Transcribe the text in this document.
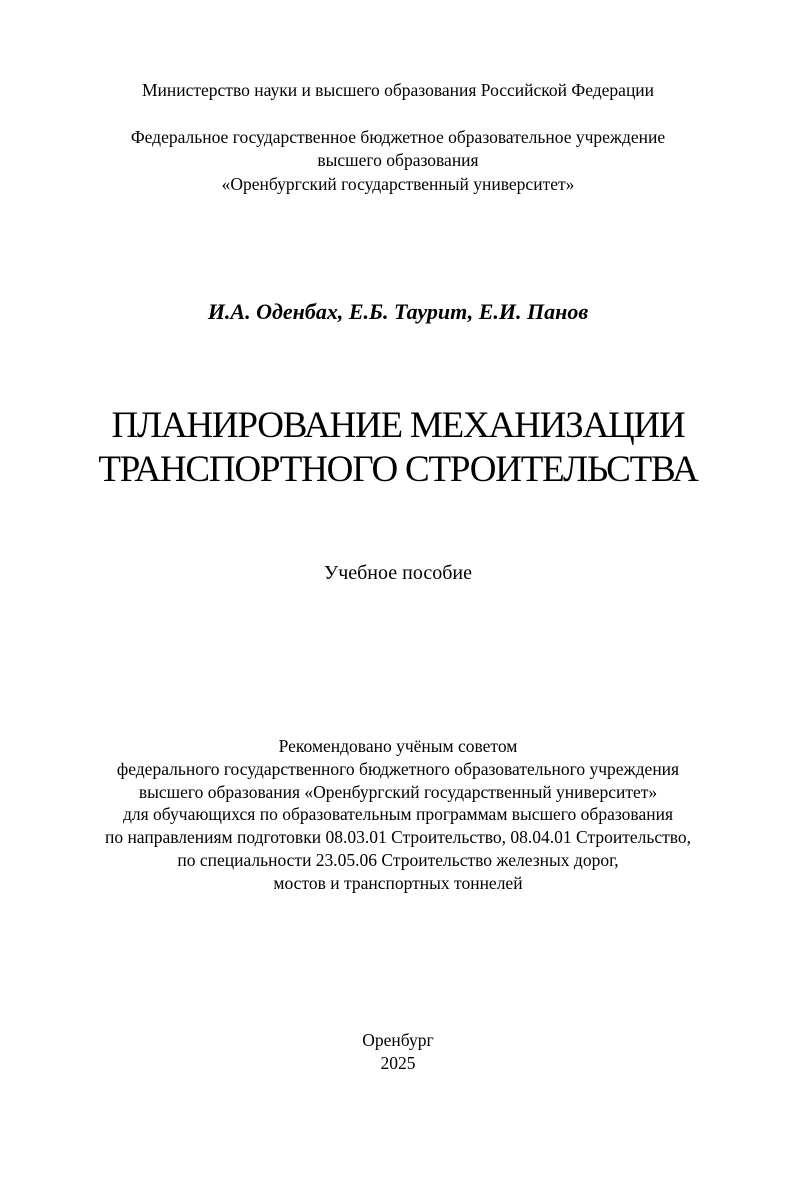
Министерство науки и высшего образования Российской Федерации
Федеральное государственное бюджетное образовательное учреждение
высшего образования
«Оренбургский государственный университет»
И.А. Оденбах, Е.Б. Таурит, Е.И. Панов
ПЛАНИРОВАНИЕ МЕХАНИЗАЦИИ
ТРАНСПОРТНОГО СТРОИТЕЛЬСТВА
Учебное пособие
Рекомендовано учёным советом
федерального государственного бюджетного образовательного учреждения
высшего образования «Оренбургский государственный университет»
для обучающихся по образовательным программам высшего образования
по направлениям подготовки 08.03.01 Строительство, 08.04.01 Строительство,
по специальности 23.05.06 Строительство железных дорог,
мостов и транспортных тоннелей
Оренбург
2025
